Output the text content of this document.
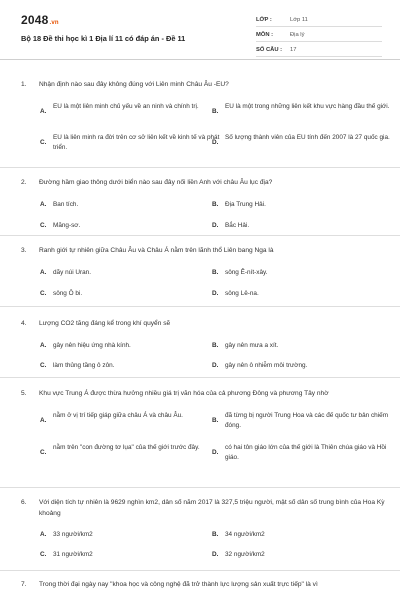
2048.vn
Bộ 18 Đề thi học kì 1 Địa lí 11 có đáp án - Đề 11
LỚP :	Lớp 11
MÔN :	Địa lý
SỐ CÂU : 17
1. Nhận định nào sau đây không đúng với Liên minh Châu Âu -EU?
A.
EU là một liên minh chủ yếu về an ninh và chính trị.
B.
EU là một trong những liên kết khu vực hàng đầu thế giới.
C.
EU là liên minh ra đời trên cơ sở liên kết về kinh tế và phát triển.
D.
Số lượng thành viên của EU tính đến 2007 là 27 quốc gia.
2. Đường hầm giao thông dưới biển nào sau đây nối liền Anh với châu Âu lục địa?
A.	Ban tích.	B.	Địa Trung Hải.
C.	Măng-sơ.	D.	Bắc Hải.
3. Ranh giới tự nhiên giữa Châu Âu và Châu Á nằm trên lãnh thổ Liên bang Nga là
A.	dãy núi Uran.	B.	sông Ê-nít-xây.
C.	sông Ô bi.	D.	sông Lê-na.
4. Lượng CO2 tăng đáng kể trong khí quyển sẽ
A.	gây nên hiệu ứng nhà kính.	B.	gây nên mưa a xít.
C.	làm thủng tầng ô zôn.	D.	gây nên ô nhiễm môi trường.
5. Khu vực Trung Á được thừa hưởng nhiều giá trị văn hóa của cả phương Đông và phương Tây nhờ
A.
nằm ở vị trí tiếp giáp giữa châu Á và châu Âu.
B.
đã từng bị người Trung Hoa và các đế quốc tư bản chiếm đóng.
C.
nằm trên "con đường tơ lụa" của thế giới trước đây.
D.
có hai tôn giáo lớn của thế giới là Thiên chúa giáo và Hồi giáo.
6. Với diện tích tự nhiên là 9629 nghìn km2, dân số năm 2017 là 327,5 triệu người, mật số dân số trung bình của Hoa Kỳ khoảng
A.	33 người/km2	B.	34 người/km2
C.	31 người/km2	D.	32 người/km2
7. Trong thời đại ngày nay "khoa học và công nghệ đã trở thành lực lượng sản xuất trực tiếp" là vì
